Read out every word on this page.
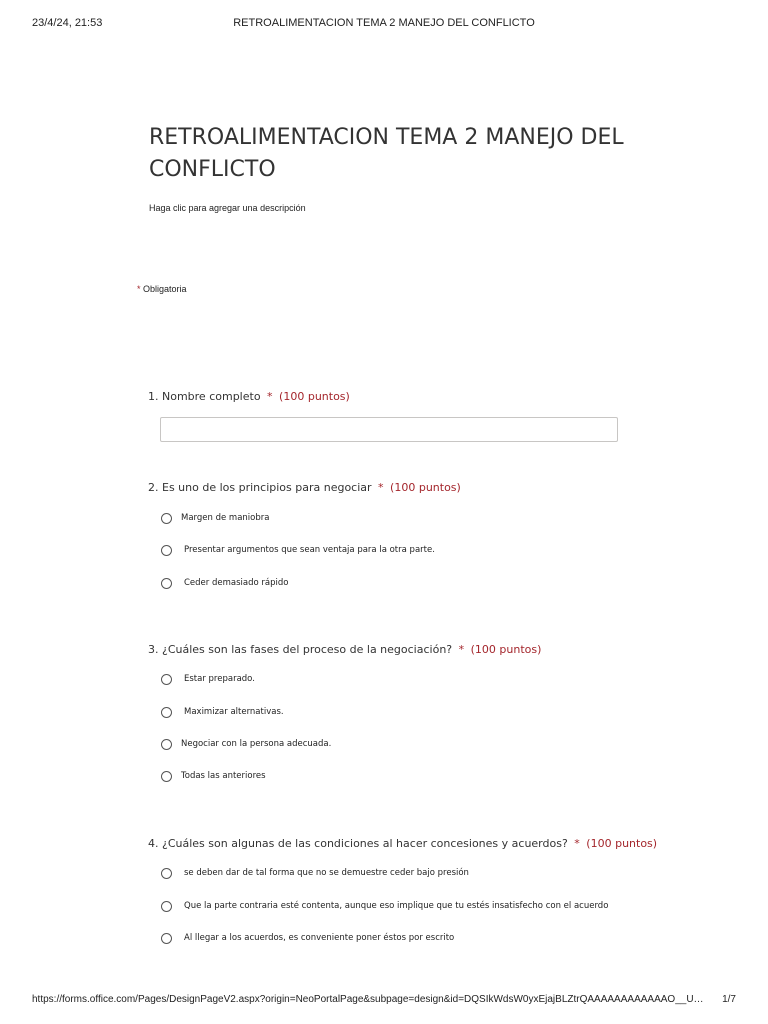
23/4/24, 21:53	RETROALIMENTACION TEMA 2 MANEJO DEL CONFLICTO
RETROALIMENTACION TEMA 2 MANEJO DEL
CONFLICTO
Haga clic para agregar una descripción
* Obligatoria
1. Nombre completo * (100 puntos)
2. Es uno de los principios para negociar * (100 puntos)
Margen de maniobra
Presentar argumentos que sean ventaja para la otra parte.
Ceder demasiado rápido
3. ¿Cuáles son las fases del proceso de la negociación? * (100 puntos)
Estar preparado.
Maximizar alternativas.
Negociar con la persona adecuada.
Todas las anteriores
4. ¿Cuáles son algunas de las condiciones al hacer concesiones y acuerdos? * (100 puntos)
se deben dar de tal forma que no se demuestre ceder bajo presión
Que la parte contraria esté contenta, aunque eso implique que tu estés insatisfecho con el acuerdo
Al llegar a los acuerdos, es conveniente poner éstos por escrito
https://forms.office.com/Pages/DesignPageV2.aspx?origin=NeoPortalPage&subpage=design&id=DQSIkWdsW0yxEjajBLZtrQAAAAAAAAAAAAO__U…	1/7
